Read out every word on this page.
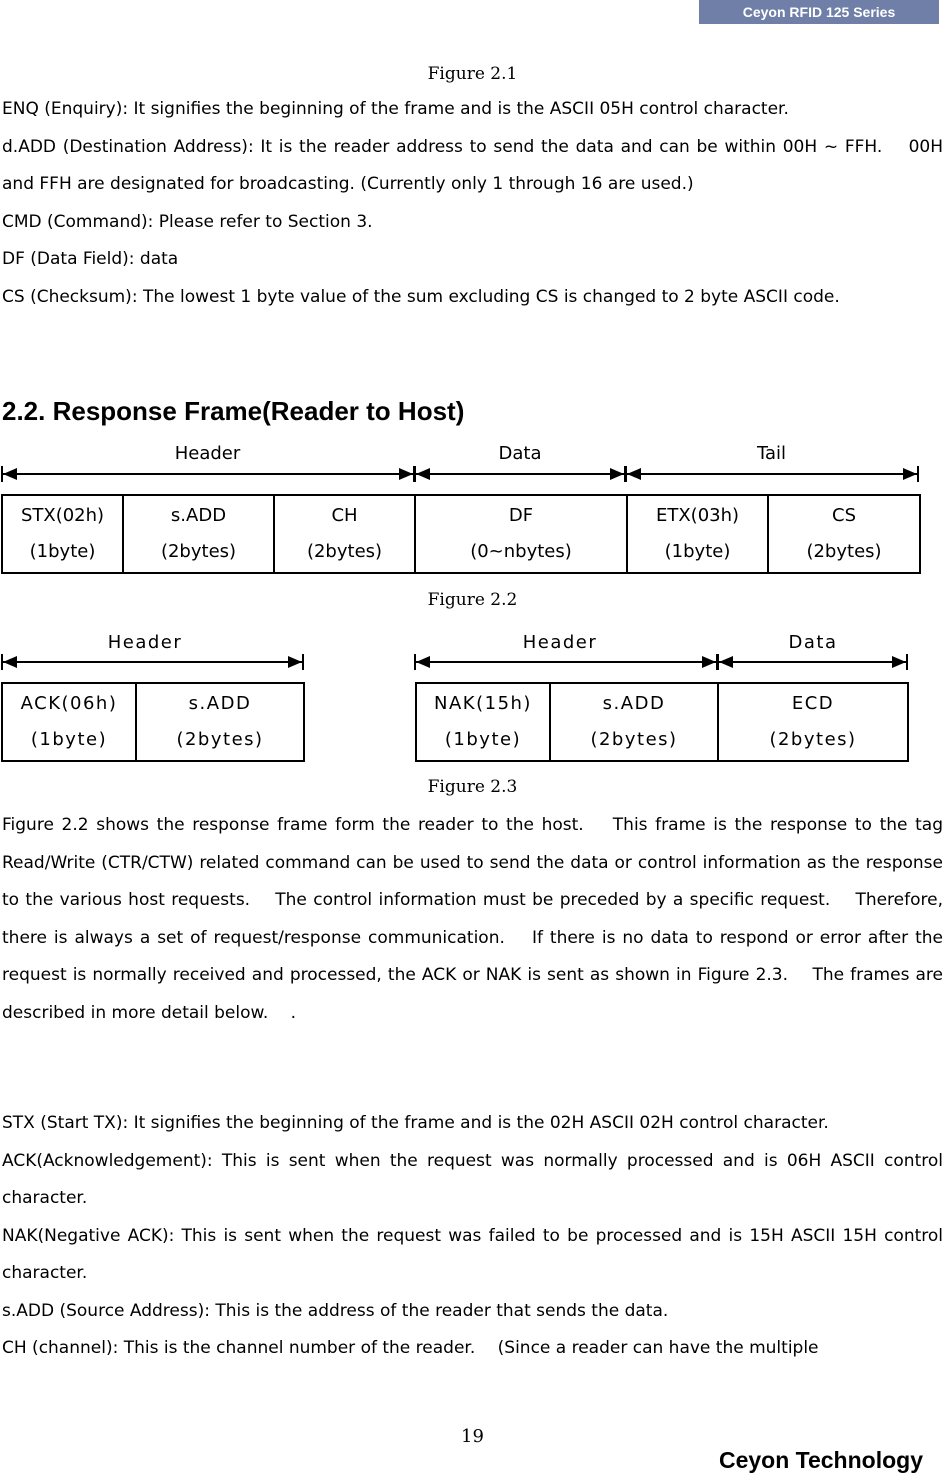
Ceyon RFID 125 Series
Figure 2.1

ENQ (Enquiry): It signifies the beginning of the frame and is the ASCII 05H control character.

d.ADD (Destination Address): It is the reader address to send the data and can be within 00H ~ FFH.　 00H and FFH are designated for broadcasting. (Currently only 1 through 16 are used.)

CMD (Command): Please refer to Section 3.

DF (Data Field): data

CS (Checksum): The lowest 1 byte value of the sum excluding CS is changed to 2 byte ASCII code.

2.2. Response Frame(Reader to Host)
Header	Data	Tail
STX(02h)
(1byte)

s.ADD
(2bytes)

CH
(2bytes)

DF
(0~nbytes)

ETX(03h)
(1byte)

CS
(2bytes)
Figure 2.2
Header
ACK(06h)
(1byte)

s.ADD
(2bytes)
Header	Data
NAK(15h)
(1byte)

s.ADD
(2bytes)

ECD
(2bytes)
Figure 2.3

Figure 2.2 shows the response frame form the reader to the host.　 This frame is the response to the tag Read/Write (CTR/CTW) related command can be used to send the data or control information as the response to the various host requests.　 The control information must be preceded by a specific request.　 Therefore, there is always a set of request/response communication.　 If there is no data to respond or error after the request is normally received and processed, the ACK or NAK is sent as shown in Figure 2.3.　 The frames are described in more detail below.　 .

STX (Start TX): It signifies the beginning of the frame and is the 02H ASCII 02H control character.

ACK(Acknowledgement): This is sent when the request was normally processed and is 06H ASCII control character.

NAK(Negative ACK): This is sent when the request was failed to be processed and is 15H ASCII 15H control character.

s.ADD (Source Address): This is the address of the reader that sends the data.

CH (channel): This is the channel number of the reader.　 (Since a reader can have the multiple

19
Ceyon Technology
